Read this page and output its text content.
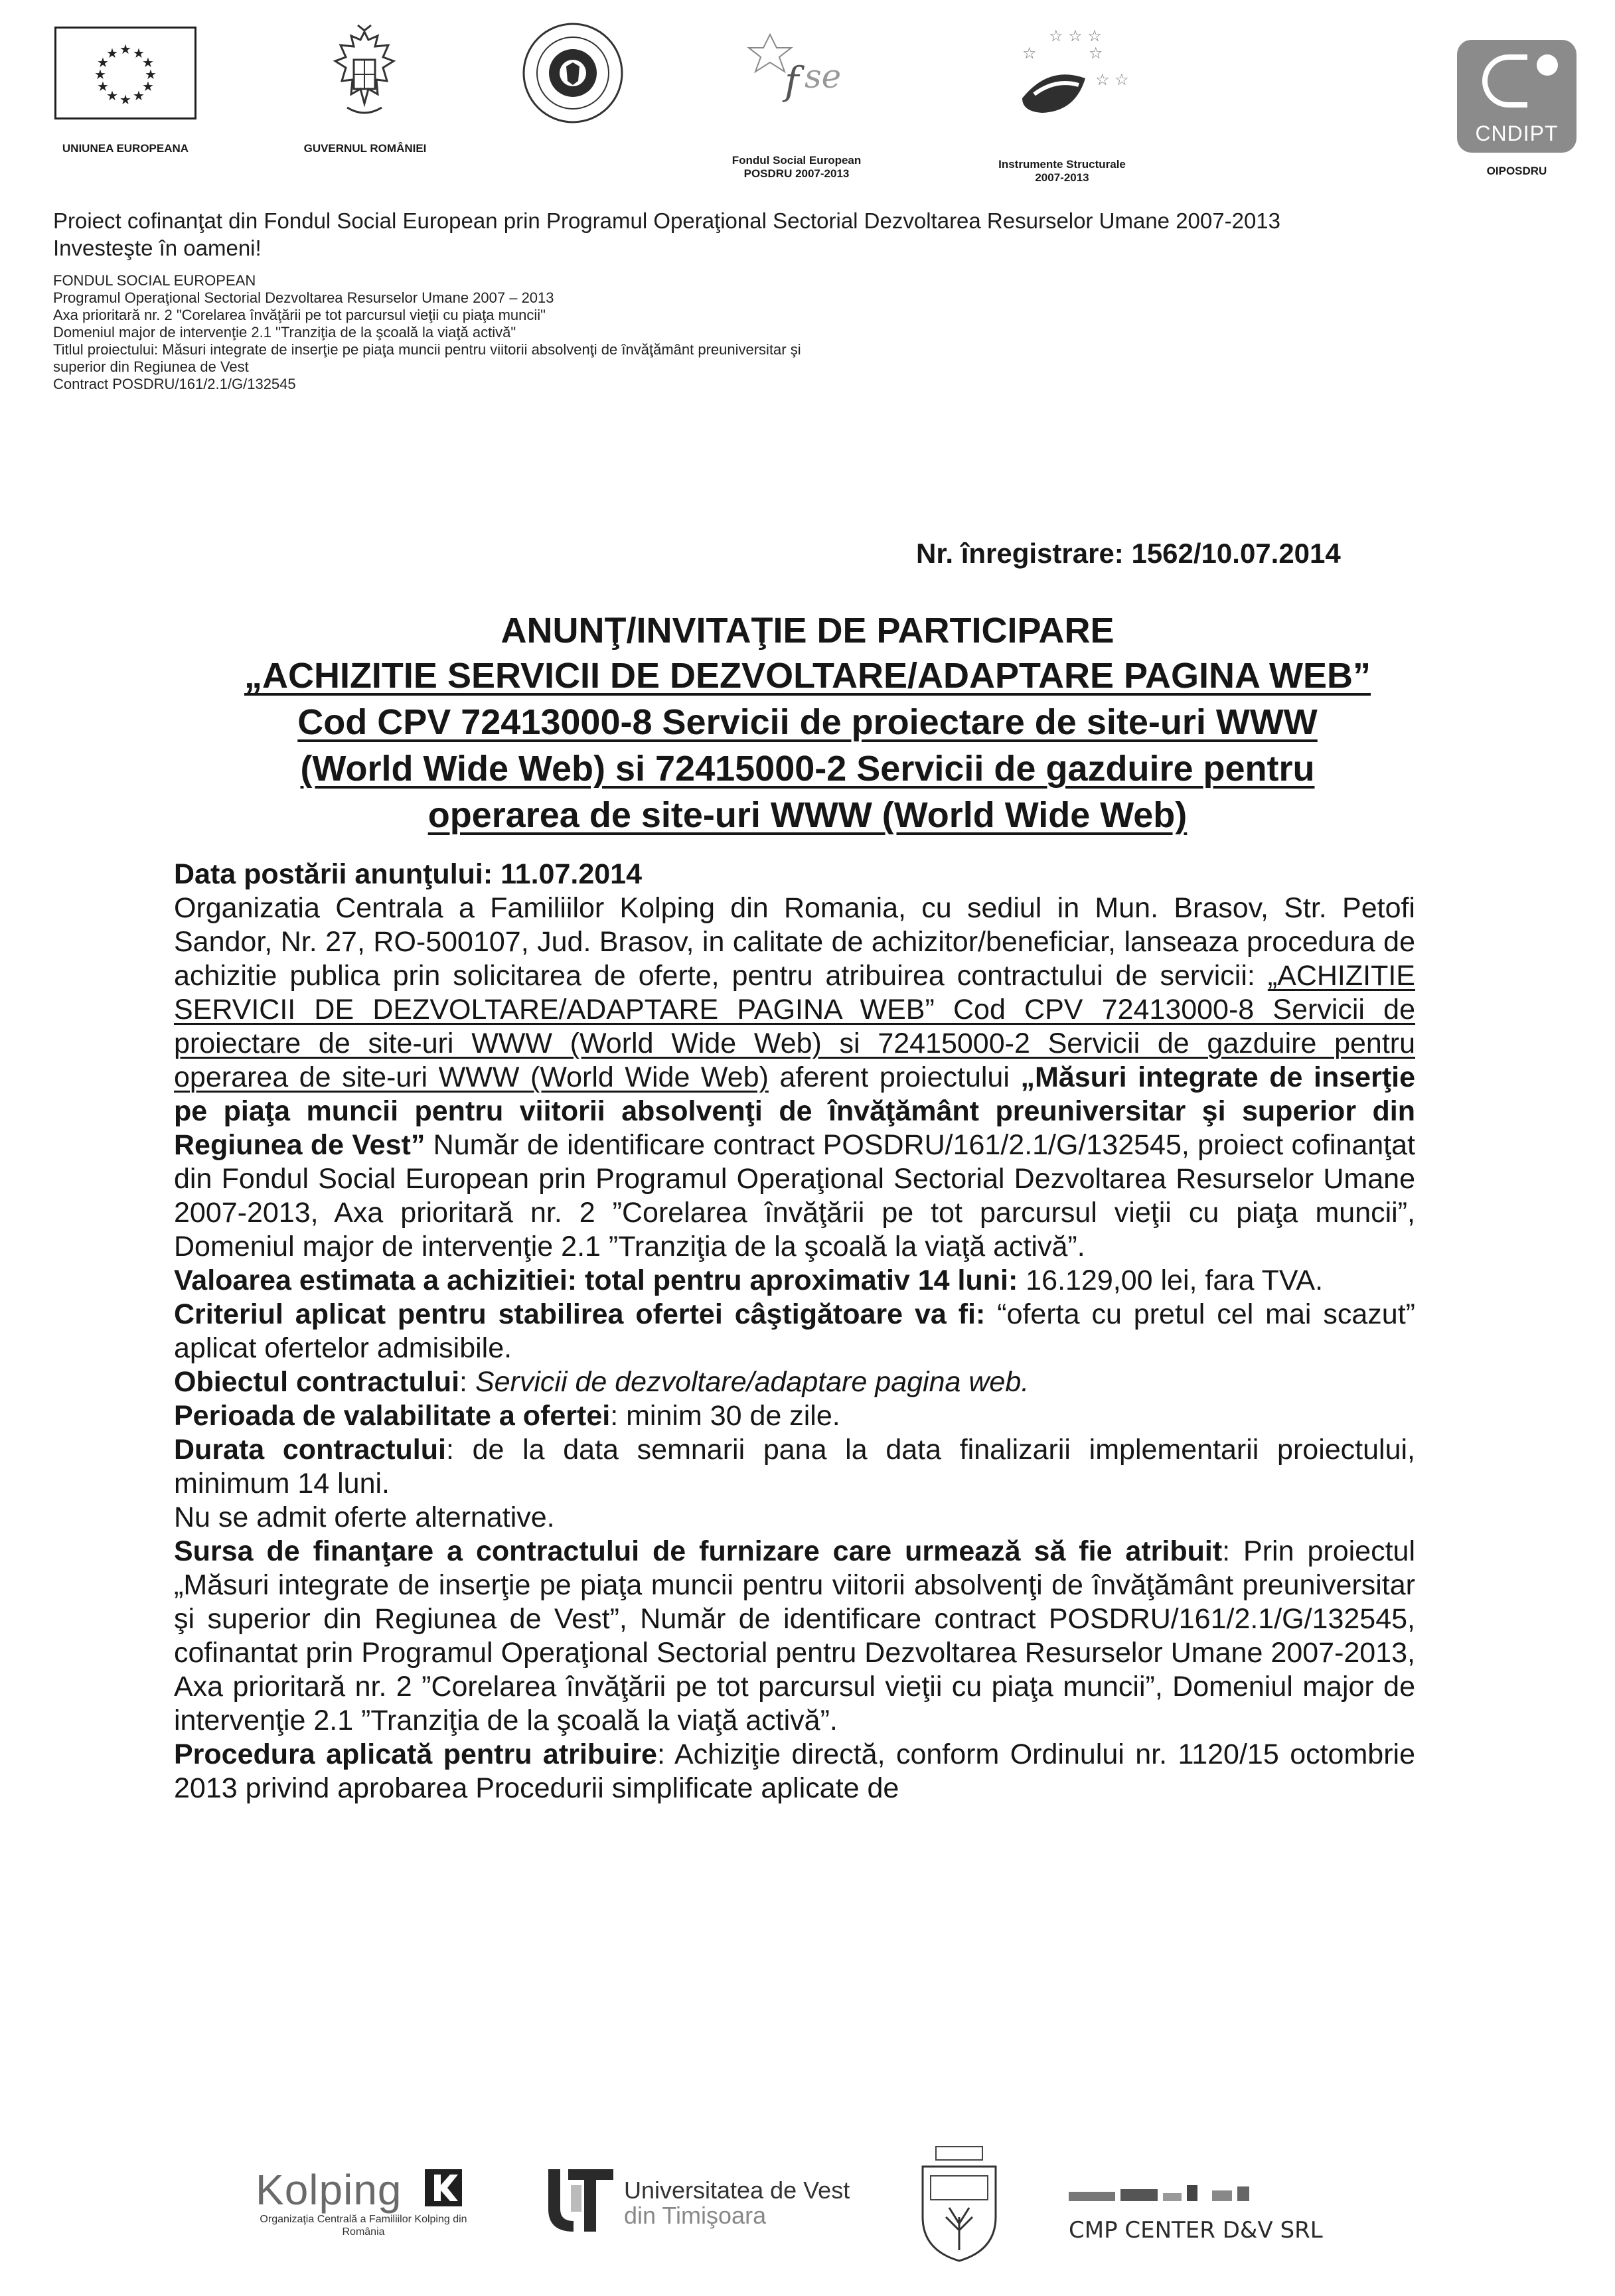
★ ★
★
★
★
★
★
★
★
★
★
★
UNIUNEA EUROPEANA	GUVERNUL ROMÂNIEI
f se
Fondul Social European
POSDRU 2007-2013
☆ ☆ ☆
☆	☆
☆ ☆
Instrumente Structurale
2007-2013
CNDIPT
OIPOSDRU
Proiect cofinanţat din Fondul Social European prin Programul Operaţional Sectorial Dezvoltarea Resurselor Umane 2007-2013
Investeşte în oameni!
FONDUL SOCIAL EUROPEAN
Programul Operaţional Sectorial Dezvoltarea Resurselor Umane 2007 – 2013
Axa prioritară nr. 2 "Corelarea învăţării pe tot parcursul vieţii cu piaţa muncii"
Domeniul major de intervenţie 2.1 "Tranziţia de la şcoală la viaţă activă"
Titlul proiectului: Măsuri integrate de inserţie pe piaţa muncii pentru viitorii absolvenţi de învăţământ preuniversitar şi
superior din Regiunea de Vest
Contract POSDRU/161/2.1/G/132545
Nr. înregistrare: 1562/10.07.2014
ANUNŢ/INVITAŢIE DE PARTICIPARE
„ACHIZITIE SERVICII DE DEZVOLTARE/ADAPTARE PAGINA WEB”
Cod CPV 72413000-8 Servicii de proiectare de site-uri WWW
(World Wide Web) si 72415000-2 Servicii de gazduire pentru
operarea de site-uri WWW (World Wide Web)

Data postării anunţului: 11.07.2014

Organizatia Centrala a Familiilor Kolping din Romania, cu sediul in Mun. Brasov, Str. Petofi Sandor, Nr. 27, RO-500107, Jud. Brasov, in calitate de achizitor/beneficiar, lanseaza procedura de achizitie publica prin solicitarea de oferte, pentru atribuirea contractului de servicii: „ACHIZITIE SERVICII DE DEZVOLTARE/ADAPTARE PAGINA WEB” Cod CPV 72413000-8 Servicii de proiectare de site-uri WWW (World Wide Web) si 72415000-2 Servicii de gazduire pentru operarea de site-uri WWW (World Wide Web) aferent proiectului „Măsuri integrate de inserţie pe piaţa muncii pentru viitorii absolvenţi de învăţământ preuniversitar şi superior din Regiunea de Vest” Număr de identificare contract POSDRU/161/2.1/G/132545, proiect cofinanţat din Fondul Social European prin Programul Operaţional Sectorial Dezvoltarea Resurselor Umane 2007-2013, Axa prioritară nr. 2 ”Corelarea învăţării pe tot parcursul vieţii cu piaţa muncii”, Domeniul major de intervenţie 2.1 ”Tranziţia de la şcoală la viaţă activă”.

Valoarea estimata a achizitiei: total pentru aproximativ 14 luni: 16.129,00 lei, fara TVA.

Criteriul aplicat pentru stabilirea ofertei câştigătoare va fi: “oferta cu pretul cel mai scazut” aplicat ofertelor admisibile.

Obiectul contractului: Servicii de dezvoltare/adaptare pagina web.

Perioada de valabilitate a ofertei: minim 30 de zile.

Durata contractului: de la data semnarii pana la data finalizarii implementarii proiectului, minimum 14 luni.

Nu se admit oferte alternative.

Sursa de finanţare a contractului de furnizare care urmează să fie atribuit: Prin proiectul „Măsuri integrate de inserţie pe piaţa muncii pentru viitorii absolvenţi de învăţământ preuniversitar şi superior din Regiunea de Vest”, Număr de identificare contract POSDRU/161/2.1/G/132545, cofinantat prin Programul Operaţional Sectorial pentru Dezvoltarea Resurselor Umane 2007-2013, Axa prioritară nr. 2 ”Corelarea învăţării pe tot parcursul vieţii cu piaţa muncii”, Domeniul major de intervenţie 2.1 ”Tranziţia de la şcoală la viaţă activă”.

Procedura aplicată pentru atribuire: Achiziţie directă, conform Ordinului nr. 1120/15 octombrie 2013 privind aprobarea Procedurii simplificate aplicate de

Kolping
Organizaţia Centrală a Familiilor Kolping din România
Universitatea de Vest
din Timişoara
CMP CENTER D&V SRL
